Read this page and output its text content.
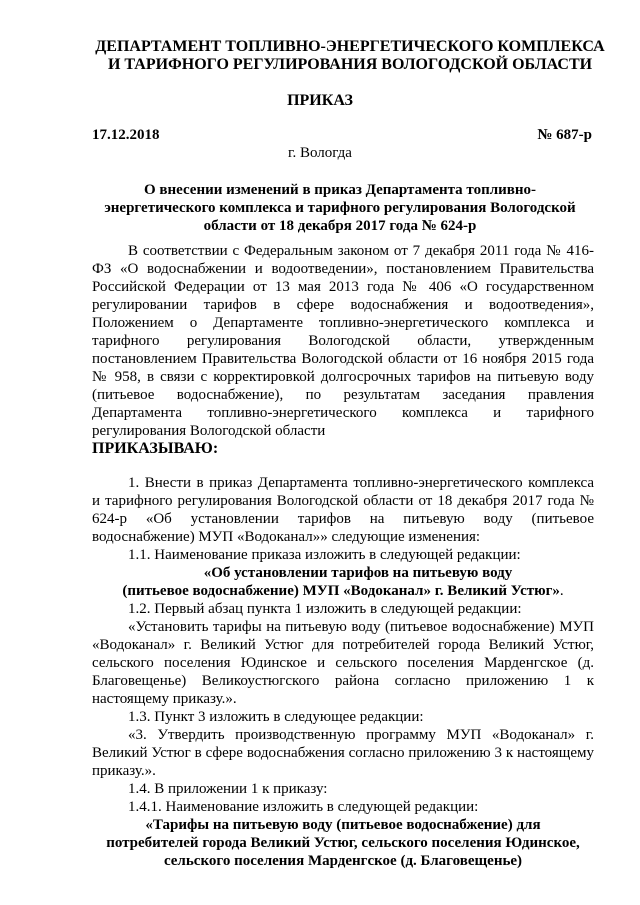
ДЕПАРТАМЕНТ ТОПЛИВНО-ЭНЕРГЕТИЧЕСКОГО КОМПЛЕКСА
И ТАРИФНОГО РЕГУЛИРОВАНИЯ ВОЛОГОДСКОЙ ОБЛАСТИ
ПРИКАЗ
17.12.2018	№ 687-р
г. Вологда
О внесении изменений в приказ Департамента топливно-
энергетического комплекса и тарифного регулирования Вологодской
области от 18 декабря 2017 года № 624-р

В соответствии с Федеральным законом от 7 декабря 2011 года № 416-ФЗ «О водоснабжении и водоотведении», постановлением Правительства Российской Федерации от 13 мая 2013 года № 406 «О государственном регулировании тарифов в сфере водоснабжения и водоотведения», Положением о Департаменте топливно-энергетического комплекса и тарифного регулирования Вологодской области, утвержденным постановлением Правительства Вологодской области от 16 ноября 2015 года № 958, в связи с корректировкой долгосрочных тарифов на питьевую воду (питьевое водоснабжение), по результатам заседания правления Департамента топливно-энергетического комплекса и тарифного регулирования Вологодской области

ПРИКАЗЫВАЮ:

1. Внести в приказ Департамента топливно-энергетического комплекса и тарифного регулирования Вологодской области от 18 декабря 2017 года № 624-р «Об установлении тарифов на питьевую воду (питьевое водоснабжение) МУП «Водоканал»» следующие изменения:

1.1. Наименование приказа изложить в следующей редакции:

«Об установлении тарифов на питьевую воду

(питьевое водоснабжение) МУП «Водоканал» г. Великий Устюг».

1.2. Первый абзац пункта 1 изложить в следующей редакции:

«Установить тарифы на питьевую воду (питьевое водоснабжение) МУП «Водоканал» г. Великий Устюг для потребителей города Великий Устюг, сельского поселения Юдинское и сельского поселения Марденгское (д. Благовещенье) Великоустюгского района согласно приложению 1 к настоящему приказу.».

1.3. Пункт 3 изложить в следующее редакции:

«3. Утвердить производственную программу МУП «Водоканал» г. Великий Устюг в сфере водоснабжения согласно приложению 3 к настоящему приказу.».

1.4. В приложении 1 к приказу:

1.4.1. Наименование изложить в следующей редакции:

«Тарифы на питьевую воду (питьевое водоснабжение) для

потребителей города Великий Устюг, сельского поселения Юдинское,

сельского поселения Марденгское (д. Благовещенье)
